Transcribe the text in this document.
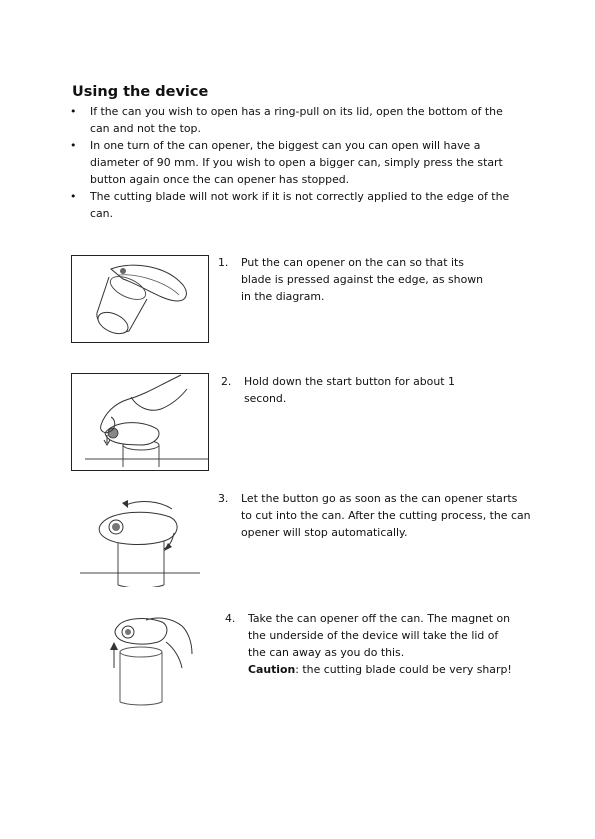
Using the device
• If the can you wish to open has a ring-pull on its lid, open the bottom of the can and not the top.
• In one turn of the can opener, the biggest can you can open will have a diameter of 90 mm. If you wish to open a bigger can, simply press the start button again once the can opener has stopped.
• The cutting blade will not work if it is not correctly applied to the edge of the can.
1.	Put the can opener on the can so that its blade is pressed against the edge, as shown in the diagram.
2.	Hold down the start button for about 1 second.
3.	Let the button go as soon as the can opener starts to cut into the can. After the cutting process, the can opener will stop automatically.
4.	Take the can opener off the can. The magnet on the underside of the device will take the lid of the can away as you do this.
Caution: the cutting blade could be very sharp!
